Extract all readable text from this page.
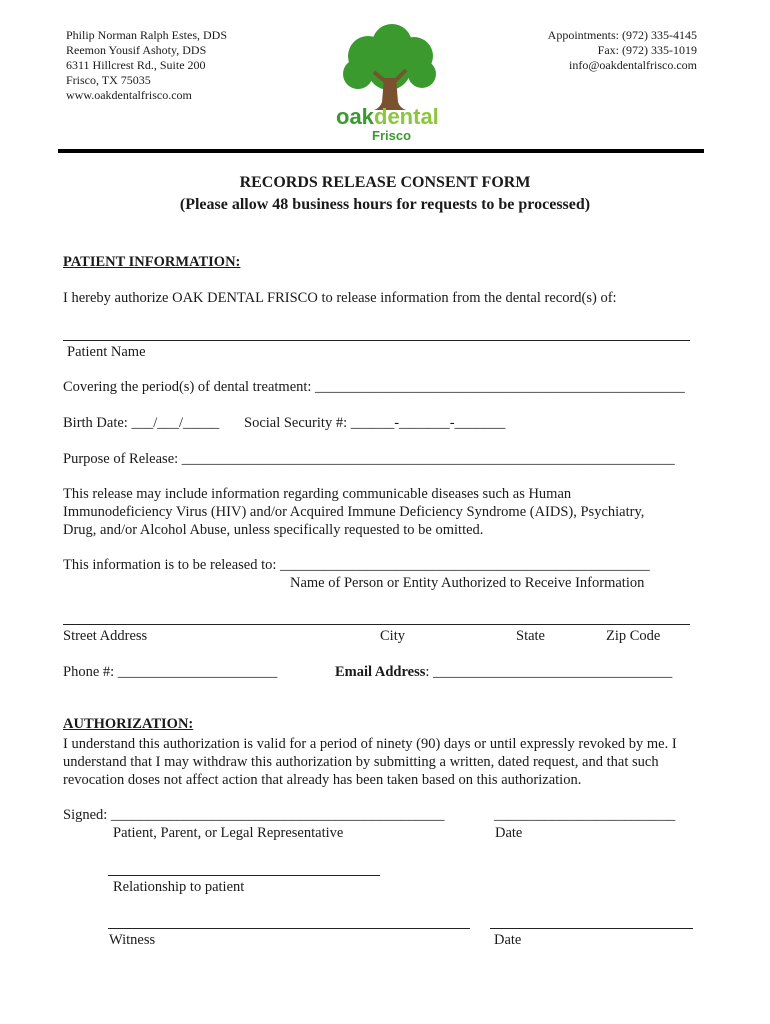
Philip Norman Ralph Estes, DDS
Reemon Yousif Ashoty, DDS
6311 Hillcrest Rd., Suite 200
Frisco, TX 75035
www.oakdentalfrisco.com
oak dental
Frisco
Appointments: (972) 335-4145
Fax: (972) 335-1019
info@oakdentalfrisco.com
RECORDS RELEASE CONSENT FORM
(Please allow 48 business hours for requests to be processed)
PATIENT INFORMATION:
I hereby authorize OAK DENTAL FRISCO to release information from the dental record(s) of:
Patient Name
Covering the period(s) of dental treatment: ___________________________________________________
Birth Date: ___/___/_____ Social Security #: ______-_______-_______
Purpose of Release: ____________________________________________________________________
This release may include information regarding communicable diseases such as Human
Immunodeficiency Virus (HIV) and/or Acquired Immune Deficiency Syndrome (AIDS), Psychiatry,
Drug, and/or Alcohol Abuse, unless specifically requested to be omitted.
This information is to be released to: ___________________________________________________
Name of Person or Entity Authorized to Receive Information
Street Address	City	State	Zip Code
Phone #: ______________________	Email Address: _________________________________
AUTHORIZATION:
I understand this authorization is valid for a period of ninety (90) days or until expressly revoked by me. I
understand that I may withdraw this authorization by submitting a written, dated request, and that such
revocation doses not affect action that already has been taken based on this authorization.
Signed: ______________________________________________	_________________________
Patient, Parent, or Legal Representative	Date
Relationship to patient
Witness	Date
